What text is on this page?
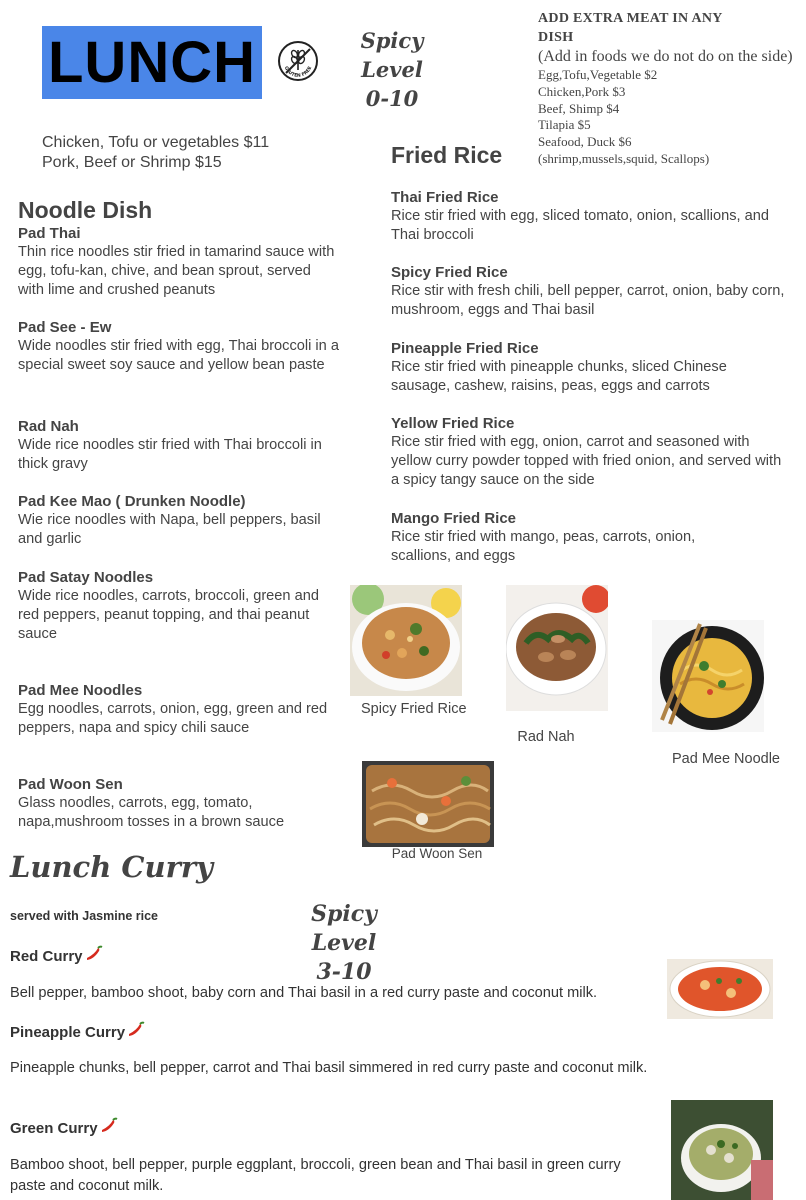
LUNCH	GLUTEN FREE
Spicy Level
0-10
ADD EXTRA MEAT IN ANY
DISH
(Add in foods we do not do on the side)
Egg,Tofu,Vegetable $2
Chicken,Pork $3
Beef, Shimp $4
Tilapia $5
Seafood, Duck $6
(shrimp,mussels,squid, Scallops)
Chicken, Tofu or vegetables $11
Pork, Beef or Shrimp $15	Fried Rice
Noodle Dish
Pad Thai
Thin rice noodles stir fried in tamarind sauce with egg, tofu-kan, chive, and bean sprout, served with lime and crushed peanuts
Pad See - Ew
Wide noodles stir fried with egg, Thai broccoli in a special sweet soy sauce and yellow bean paste
Rad Nah
Wide rice noodles stir fried with Thai broccoli in thick gravy
Pad Kee Mao ( Drunken Noodle)
Wie rice noodles with Napa, bell peppers, basil and garlic
Pad Satay Noodles
Wide rice noodles, carrots, broccoli, green and red peppers, peanut topping, and thai peanut sauce
Pad Mee Noodles
Egg noodles, carrots, onion, egg, green and red peppers, napa and spicy chili sauce
Pad Woon Sen
Glass noodles, carrots, egg, tomato, napa,mushroom tosses in a brown sauce
Thai Fried Rice
Rice stir fried with egg, sliced tomato, onion, scallions, and Thai broccoli
Spicy Fried Rice
Rice stir with fresh chili, bell pepper, carrot, onion, baby corn, mushroom, eggs and Thai basil
Pineapple Fried Rice
Rice stir fried with pineapple chunks, sliced Chinese sausage, cashew, raisins, peas, eggs and carrots
Yellow Fried Rice
Rice stir fried with egg, onion, carrot and seasoned with yellow curry powder topped with fried onion, and served with a spicy tangy sauce on the side
Mango Fried Rice
Rice stir fried with mango, peas, carrots, onion, scallions, and eggs
Spicy Fried Rice
Rad Nah
Pad Mee Noodle
Pad Woon Sen
Lunch Curry
served with Jasmine rice	Spicy Level
3-10
Red Curry
Bell pepper, bamboo shoot, baby corn and Thai basil in a red curry paste and coconut milk.
Pineapple Curry
Pineapple chunks, bell pepper, carrot and Thai basil simmered in red curry paste and coconut milk.
Green Curry
Bamboo shoot, bell pepper, purple eggplant, broccoli, green bean and Thai basil in green curry paste and coconut milk.
